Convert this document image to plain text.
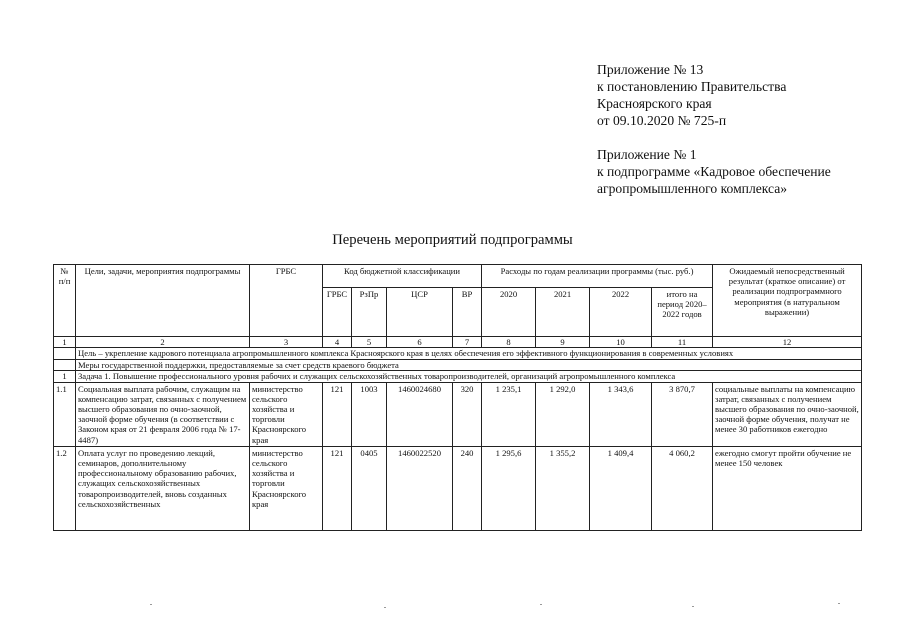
Приложение № 13
к постановлению Правительства
Красноярского края
от 09.10.2020 № 725-п
Приложение № 1
к подпрограмме «Кадровое обеспечение
агропромышленного комплекса»
Перечень мероприятий подпрограммы
№ п/п	Цели, задачи, мероприятия подпрограммы	ГРБС	Код бюджетной классификации				Расходы по годам реализации программы (тыс. руб.)				Ожидаемый непосредственный результат (краткое описание) от реализации подпрограммного мероприятия (в натуральном выражении)
			ГРБС	РзПр	ЦСР	ВР	2020	2021	2022	итого на период 2020–2022 годов	
1	2	3	4	5	6	7	8	9	10	11	12
	Цель – укрепление кадрового потенциала агропромышленного комплекса Красноярского края в целях обеспечения его эффективного функционирования в современных условиях										
	Меры государственной поддержки, предоставляемые за счет средств краевого бюджета										
1	Задача 1. Повышение профессионального уровня рабочих и служащих сельскохозяйственных товаропроизводителей, организаций агропромышленного комплекса										
1.1	Социальная выплата рабочим, служащим на компенсацию затрат, связанных с получением высшего образования по очно-заочной, заочной форме обучения (в соответствии с Законом края от 21 февраля 2006 года № 17-4487)	министерство сельского хозяйства и торговли Красноярского края	121	1003	1460024680	320	1 235,1	1 292,0	1 343,6	3 870,7	социальные выплаты на компенсацию затрат, связанных с получением высшего образования по очно-заочной, заочной форме обучения, получат не менее 30 работников ежегодно
1.2	Оплата услуг по проведению лекций, семинаров, дополнительному профессиональному образованию рабочих, служащих сельскохозяйственных товаропроизводителей, вновь созданных сельскохозяйственных	министерство сельского хозяйства и торговли Красноярского края	121	0405	1460022520	240	1 295,6	1 355,2	1 409,4	4 060,2	ежегодно смогут пройти обучение не менее 150 человек
